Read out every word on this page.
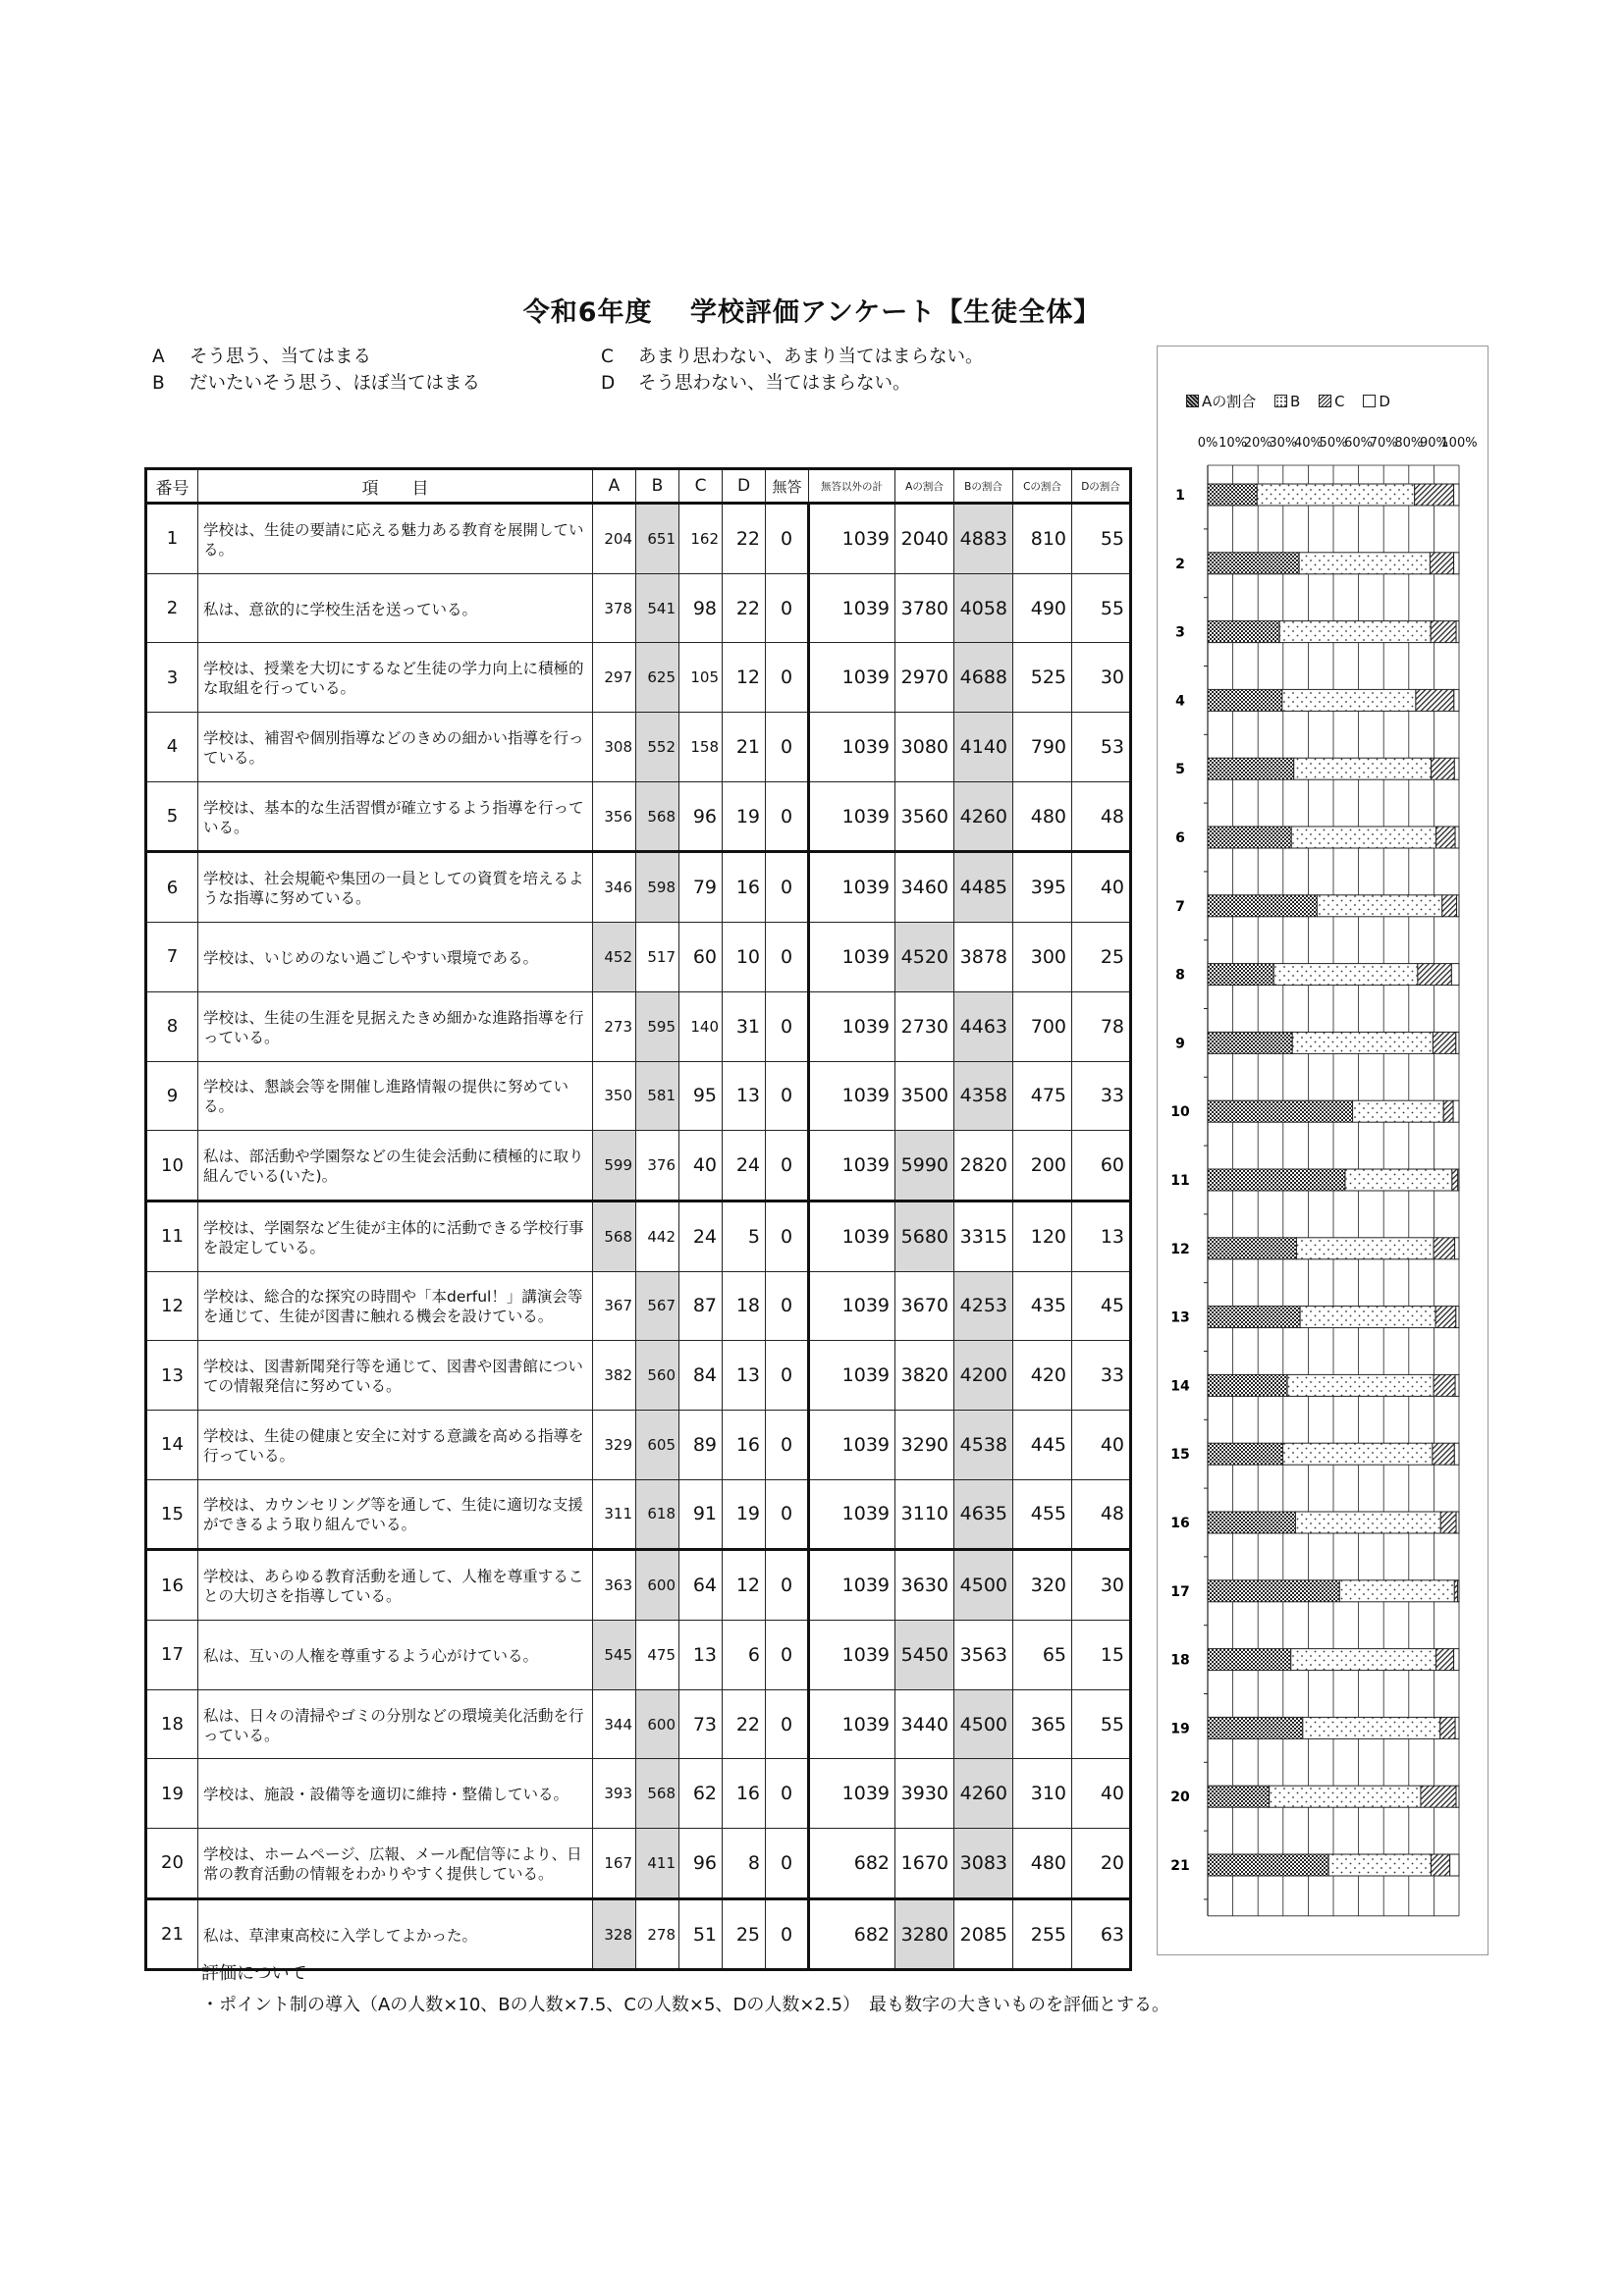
令和6年度　 学校評価アンケート【生徒全体】
A そう思う、当てはまる
B だいたいそう思う、ほぼ当てはまる
C あまり思わない、あまり当てはまらない。
D そう思わない、当てはまらない。
番号	項　　目	A	B	C	D	無答	無答以外の計	Aの割合	Bの割合	Cの割合	Dの割合
1	学校は、生徒の要請に応える魅力ある教育を展開している。	204	651	162	22	0	1039	2040	4883	810	55
2	私は、意欲的に学校生活を送っている。	378	541	98	22	0	1039	3780	4058	490	55
3	学校は、授業を大切にするなど生徒の学力向上に積極的な取組を行っている。	297	625	105	12	0	1039	2970	4688	525	30
4	学校は、補習や個別指導などのきめの細かい指導を行っている。	308	552	158	21	0	1039	3080	4140	790	53
5	学校は、基本的な生活習慣が確立するよう指導を行っている。	356	568	96	19	0	1039	3560	4260	480	48
6	学校は、社会規範や集団の一員としての資質を培えるような指導に努めている。	346	598	79	16	0	1039	3460	4485	395	40
7	学校は、いじめのない過ごしやすい環境である。	452	517	60	10	0	1039	4520	3878	300	25
8	学校は、生徒の生涯を見据えたきめ細かな進路指導を行っている。	273	595	140	31	0	1039	2730	4463	700	78
9	学校は、懇談会等を開催し進路情報の提供に努めている。	350	581	95	13	0	1039	3500	4358	475	33
10	私は、部活動や学園祭などの生徒会活動に積極的に取り組んでいる(いた)。	599	376	40	24	0	1039	5990	2820	200	60
11	学校は、学園祭など生徒が主体的に活動できる学校行事を設定している。	568	442	24	5	0	1039	5680	3315	120	13
12	学校は、総合的な探究の時間や「本derful！」講演会等を通じて、生徒が図書に触れる機会を設けている。	367	567	87	18	0	1039	3670	4253	435	45
13	学校は、図書新聞発行等を通じて、図書や図書館についての情報発信に努めている。	382	560	84	13	0	1039	3820	4200	420	33
14	学校は、生徒の健康と安全に対する意識を高める指導を行っている。	329	605	89	16	0	1039	3290	4538	445	40
15	学校は、カウンセリング等を通して、生徒に適切な支援ができるよう取り組んでいる。	311	618	91	19	0	1039	3110	4635	455	48
16	学校は、あらゆる教育活動を通して、人権を尊重することの大切さを指導している。	363	600	64	12	0	1039	3630	4500	320	30
17	私は、互いの人権を尊重するよう心がけている。	545	475	13	6	0	1039	5450	3563	65	15
18	私は、日々の清掃やゴミの分別などの環境美化活動を行っている。	344	600	73	22	0	1039	3440	4500	365	55
19	学校は、施設・設備等を適切に維持・整備している。	393	568	62	16	0	1039	3930	4260	310	40
20	学校は、ホームページ、広報、メール配信等により、日常の教育活動の情報をわかりやすく提供している。	167	411	96	8	0	682	1670	3083	480	20
21	私は、草津東高校に入学してよかった。	328	278	51	25	0	682	3280	2085	255	63
Aの割合 B C D
0% 10%
20%
30%
40%
50%
60%
70%
80%
90%
100%
1
2
3
4
5
6
7
8
9
10
11
12
13
14
15
16
17
18
19
20
21
評価について
・ポイント制の導入（Aの人数×10、Bの人数×7.5、Cの人数×5、Dの人数×2.5）　最も数字の大きいものを評価とする。
